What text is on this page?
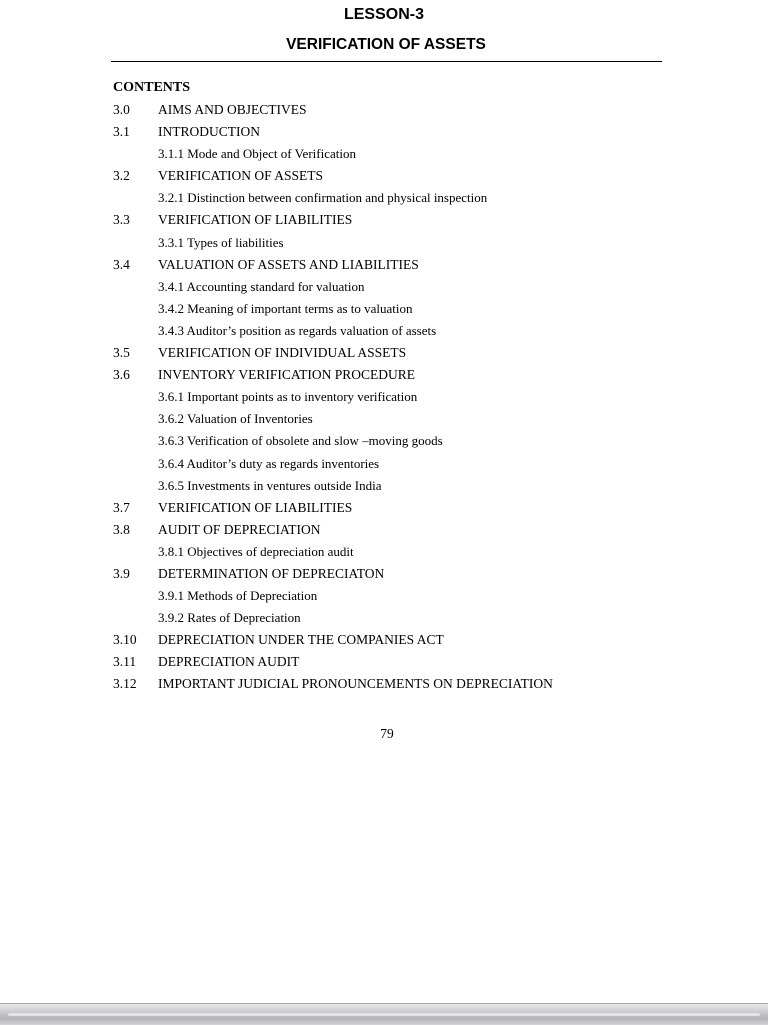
LESSON-3
VERIFICATION OF ASSETS
CONTENTS
3.0 AIMS AND OBJECTIVES
3.1 INTRODUCTION
3.1.1 Mode and Object of Verification
3.2 VERIFICATION OF ASSETS
3.2.1 Distinction between confirmation and physical inspection
3.3 VERIFICATION OF LIABILITIES
3.3.1 Types of liabilities
3.4 VALUATION OF ASSETS AND LIABILITIES
3.4.1 Accounting standard for valuation
3.4.2 Meaning of important terms as to valuation
3.4.3 Auditor’s position as regards valuation of assets
3.5 VERIFICATION OF INDIVIDUAL ASSETS
3.6 INVENTORY VERIFICATION PROCEDURE
3.6.1 Important points as to inventory verification
3.6.2 Valuation of Inventories
3.6.3 Verification of obsolete and slow –moving goods
3.6.4 Auditor’s duty as regards inventories
3.6.5 Investments in ventures outside India
3.7 VERIFICATION OF LIABILITIES
3.8 AUDIT OF DEPRECIATION
3.8.1 Objectives of depreciation audit
3.9 DETERMINATION OF DEPRECIATON
3.9.1 Methods of Depreciation
3.9.2 Rates of Depreciation
3.10 DEPRECIATION UNDER THE COMPANIES ACT
3.11 DEPRECIATION AUDIT
3.12 IMPORTANT JUDICIAL PRONOUNCEMENTS ON DEPRECIATION
79
